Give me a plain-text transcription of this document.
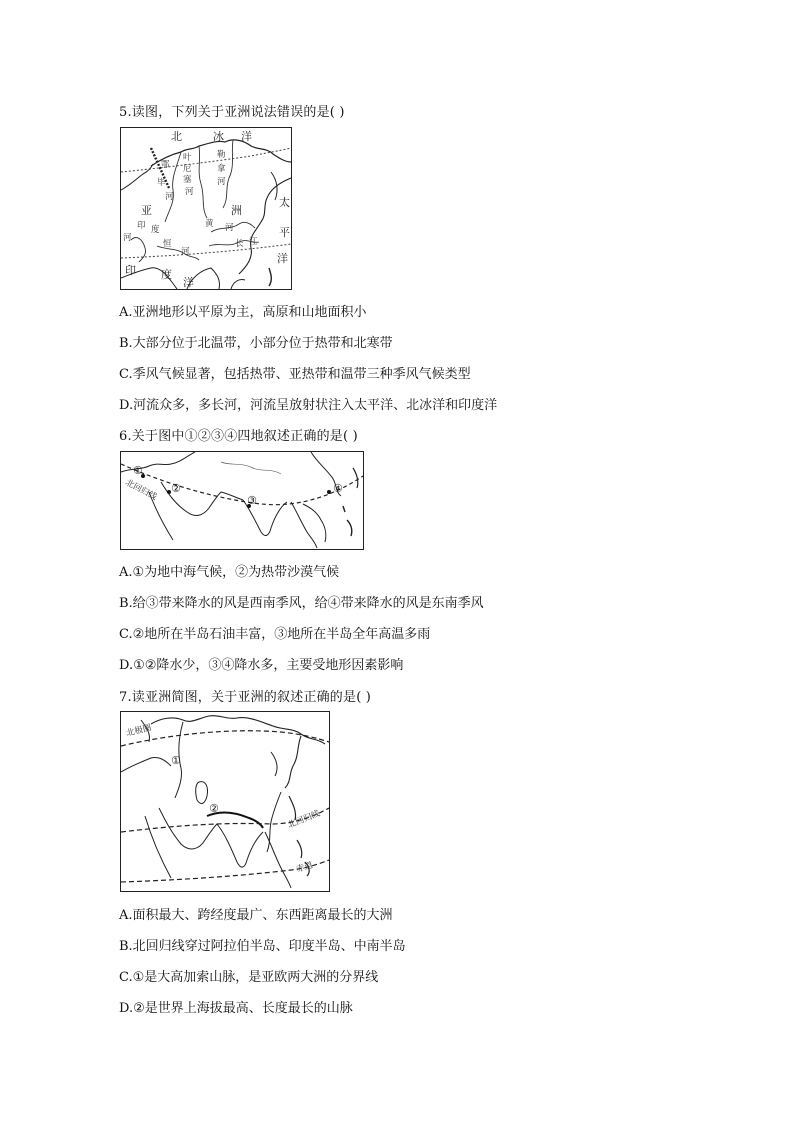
5.读图，下列关于亚洲说法错误的是( )
北	冰 洋
鄂
毕
河
叶
尼
塞
河
勒
拿
河
亚	洲
太
平
洋
印 度
河
恒
河
黄 河
长 江
印 度
洋
A.亚洲地形以平原为主，高原和山地面积小
B.大部分位于北温带，小部分位于热带和北寒带
C.季风气候显著，包括热带、亚热带和温带三种季风气候类型
D.河流众多，多长河，河流呈放射状注入太平洋、北冰洋和印度洋
6.关于图中①②③④四地叙述正确的是( )
①
②
③
④
北回归线
A.①为地中海气候，②为热带沙漠气候
B.给③带来降水的风是西南季风，给④带来降水的风是东南季风
C.②地所在半岛石油丰富，③地所在半岛全年高温多雨
D.①②降水少，③④降水多，主要受地形因素影响
7.读亚洲简图，关于亚洲的叙述正确的是( )
北极圈
①
②
北回归线
赤道
A.面积最大、跨经度最广、东西距离最长的大洲
B.北回归线穿过阿拉伯半岛、印度半岛、中南半岛
C.①是大高加索山脉，是亚欧两大洲的分界线
D.②是世界上海拔最高、长度最长的山脉
